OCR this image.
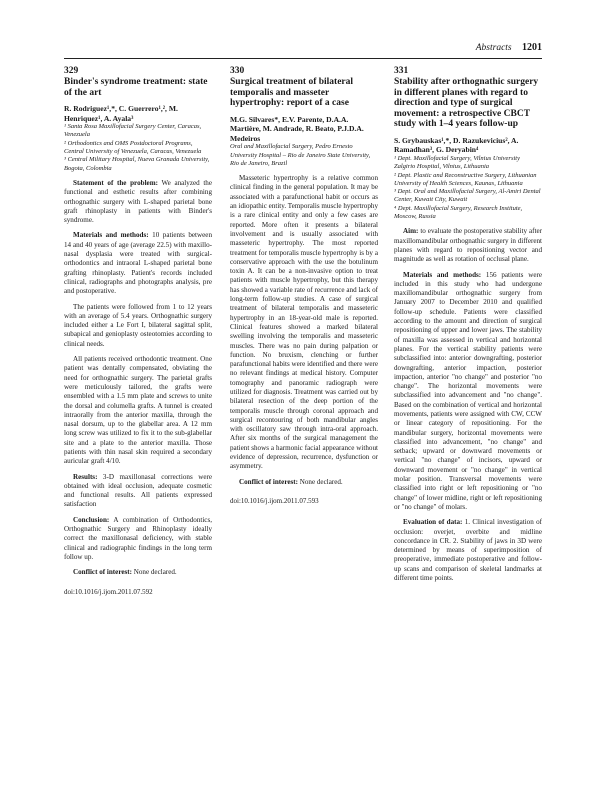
Abstracts 1201
329
Binder's syndrome treatment: state of the art
R. Rodriguez¹,*, C. Guerrero¹,², M. Henriquez¹, A. Ayala³
¹ Santa Rosa Maxillofacial Surgery Center, Caracas, Venezuela
² Orthodontics and OMS Postdoctoral Programs, Central University of Venezuela, Caracas, Venezuela
³ Central Military Hospital, Nueva Granada University, Bogota, Colombia

Statement of the problem: We analyzed the functional and esthetic results after combining orthognathic surgery with L-shaped parietal bone graft rhinoplasty in patients with Binder's syndrome.

Materials and methods: 10 patients between 14 and 40 years of age (average 22.5) with maxillo-nasal dysplasia were treated with surgical-orthodontics and intraoral L-shaped parietal bone grafting rhinoplasty. Patient's records included clinical, radiographs and photographs analysis, pre and postoperative.

The patients were followed from 1 to 12 years with an average of 5.4 years. Orthognathic surgery included either a Le Fort I, bilateral sagittal split, subapical and genioplasty osteotomies according to clinical needs.

All patients received orthodontic treatment. One patient was dentally compensated, obviating the need for orthognathic surgery. The parietal grafts were meticulously tailored, the grafts were ensembled with a 1.5 mm plate and screws to unite the dorsal and columella grafts. A tunnel is created intraorally from the anterior maxilla, through the nasal dorsum, up to the glabellar area. A 12 mm long screw was utilized to fix it to the sub-glabellar site and a plate to the anterior maxilla. Those patients with thin nasal skin required a secondary auricular graft 4/10.

Results: 3-D maxillonasal corrections were obtained with ideal occlusion, adequate cosmetic and functional results. All patients expressed satisfaction

Conclusion: A combination of Orthodontics, Orthognathic Surgery and Rhinoplasty ideally correct the maxillonasal deficiency, with stable clinical and radiographic findings in the long term follow up.

Conflict of interest: None declared.

doi:10.1016/j.ijom.2011.07.592
330
Surgical treatment of bilateral temporalis and masseter hypertrophy: report of a case
M.G. Silvares*, E.V. Parente, D.A.A. Martière, M. Andrade, R. Beato, P.J.D.A. Medeiros
Oral and Maxillofacial Surgery, Pedro Ernesto University Hospital – Rio de Janeiro State University, Rio de Janeiro, Brazil

Masseteric hypertrophy is a relative common clinical finding in the general population. It may be associated with a parafunctional habit or occurs as an idiopathic entity. Temporalis muscle hypertrophy is a rare clinical entity and only a few cases are reported. More often it presents a bilateral involvement and is usually associated with masseteric hypertrophy. The most reported treatment for temporalis muscle hypertrophy is by a conservative approach with the use the botulinum toxin A. It can be a non-invasive option to treat patients with muscle hypertrophy, but this therapy has showed a variable rate of recurrence and lack of long-term follow-up studies. A case of surgical treatment of bilateral temporalis and masseteric hypertrophy in an 18-year-old male is reported. Clinical features showed a marked bilateral swelling involving the temporalis and masseteric muscles. There was no pain during palpation or function. No bruxism, clenching or further parafunctional habits were identified and there were no relevant findings at medical history. Computer tomography and panoramic radiograph were utilized for diagnosis. Treatment was carried out by bilateral resection of the deep portion of the temporalis muscle through coronal approach and surgical recontouring of both mandibular angles with oscillatory saw through intra-oral approach. After six months of the surgical management the patient shows a harmonic facial appearance without evidence of depression, recurrence, dysfunction or asymmetry.

Conflict of interest: None declared.

doi:10.1016/j.ijom.2011.07.593
331
Stability after orthognathic surgery in different planes with regard to direction and type of surgical movement: a retrospective CBCT study with 1–4 years follow-up
S. Grybauskas¹,*, D. Razukevicius², A. Ramadhan³, G. Deryabin⁴
¹ Dept. Maxillofacial Surgery, Vilnius University Zalgirio Hospital, Vilnius, Lithuania
² Dept. Plastic and Reconstructive Surgery, Lithuanian University of Health Sciences, Kaunas, Lithuania
³ Dept. Oral and Maxillofacial Surgery, Al-Amiri Dental Center, Kuwait City, Kuwait
⁴ Dept. Maxillofacial Surgery, Research Institute, Moscow, Russia

Aim: to evaluate the postoperative stability after maxillomandibular orthognathic surgery in different planes with regard to repositioning vector and magnitude as well as rotation of occlusal plane.

Materials and methods: 156 patients were included in this study who had undergone maxillomandibular orthognathic surgery from January 2007 to December 2010 and qualified follow-up schedule. Patients were classified according to the amount and direction of surgical repositioning of upper and lower jaws. The stability of maxilla was assessed in vertical and horizontal planes. For the vertical stability patients were subclassified into: anterior downgrafting, posterior downgrafting, anterior impaction, posterior impaction, anterior "no change" and posterior "no change". The horizontal movements were subclassified into advancement and "no change". Based on the combination of vertical and horizontal movements, patients were assigned with CW, CCW or linear category of repositioning. For the mandibular surgery, horizontal movements were classified into advancement, "no change" and setback; upward or downward movements or vertical "no change" of incisors, upward or downward movement or "no change" in vertical molar position. Transversal movements were classified into right or left repositioning or "no change" of lower midline, right or left repositioning or "no change" of molars.

Evaluation of data: 1. Clinical investigation of occlusion: overjet, overbite and midline concordance in CR. 2. Stability of jaws in 3D were determined by means of superimposition of preoperative, immediate postoperative and follow-up scans and comparison of skeletal landmarks at different time points.
